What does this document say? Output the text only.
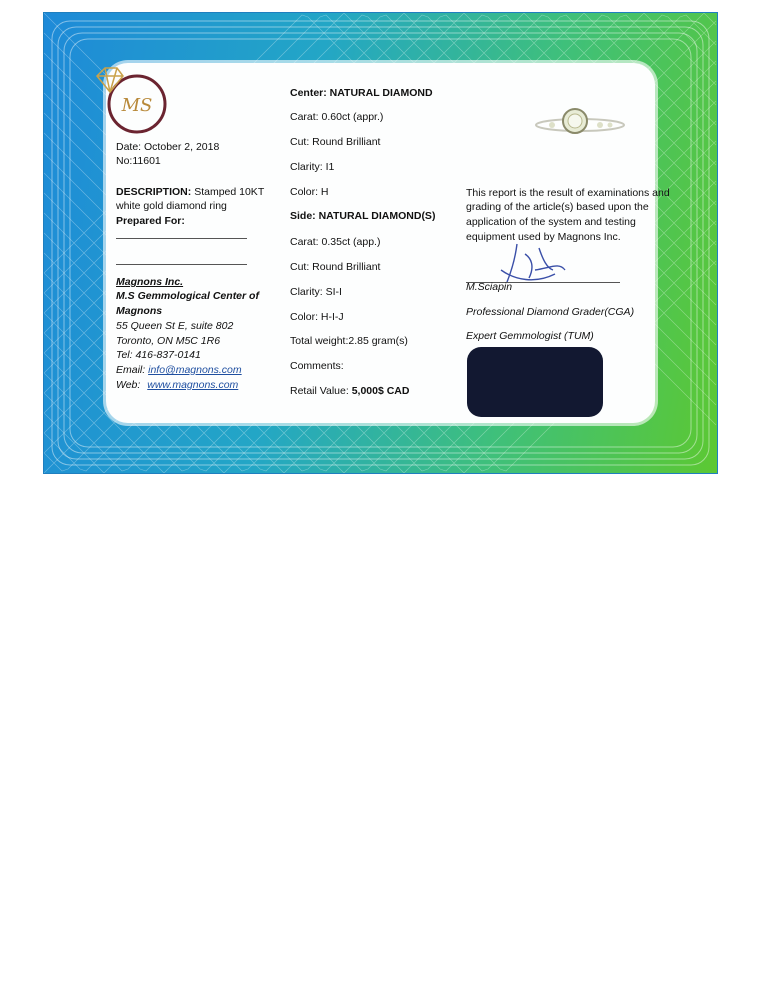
MS
Date: October 2, 2018
No:11601
DESCRIPTION: Stamped 10KT
white gold diamond ring
Prepared For:
Magnons Inc.
M.S Gemmological Center of
Magnons
55 Queen St E, suite 802
Toronto, ON M5C 1R6
Tel: 416-837-0141
Email: info@magnons.com
Web: www.magnons.com
Center: NATURAL DIAMOND
Carat: 0.60ct (appr.)
Cut: Round Brilliant
Clarity: I1
Color: H
Side: NATURAL DIAMOND(S)
Carat: 0.35ct (app.)
Cut: Round Brilliant
Clarity: SI-I
Color: H-I-J
Total weight:2.85 gram(s)
Comments:
Retail Value: 5,000$ CAD
This report is the result of examinations and
grading of the article(s) based upon the
application of the system and testing
equipment used by Magnons Inc.
M.Sciapin
Professional Diamond Grader(CGA)
Expert Gemmologist (TUM)
